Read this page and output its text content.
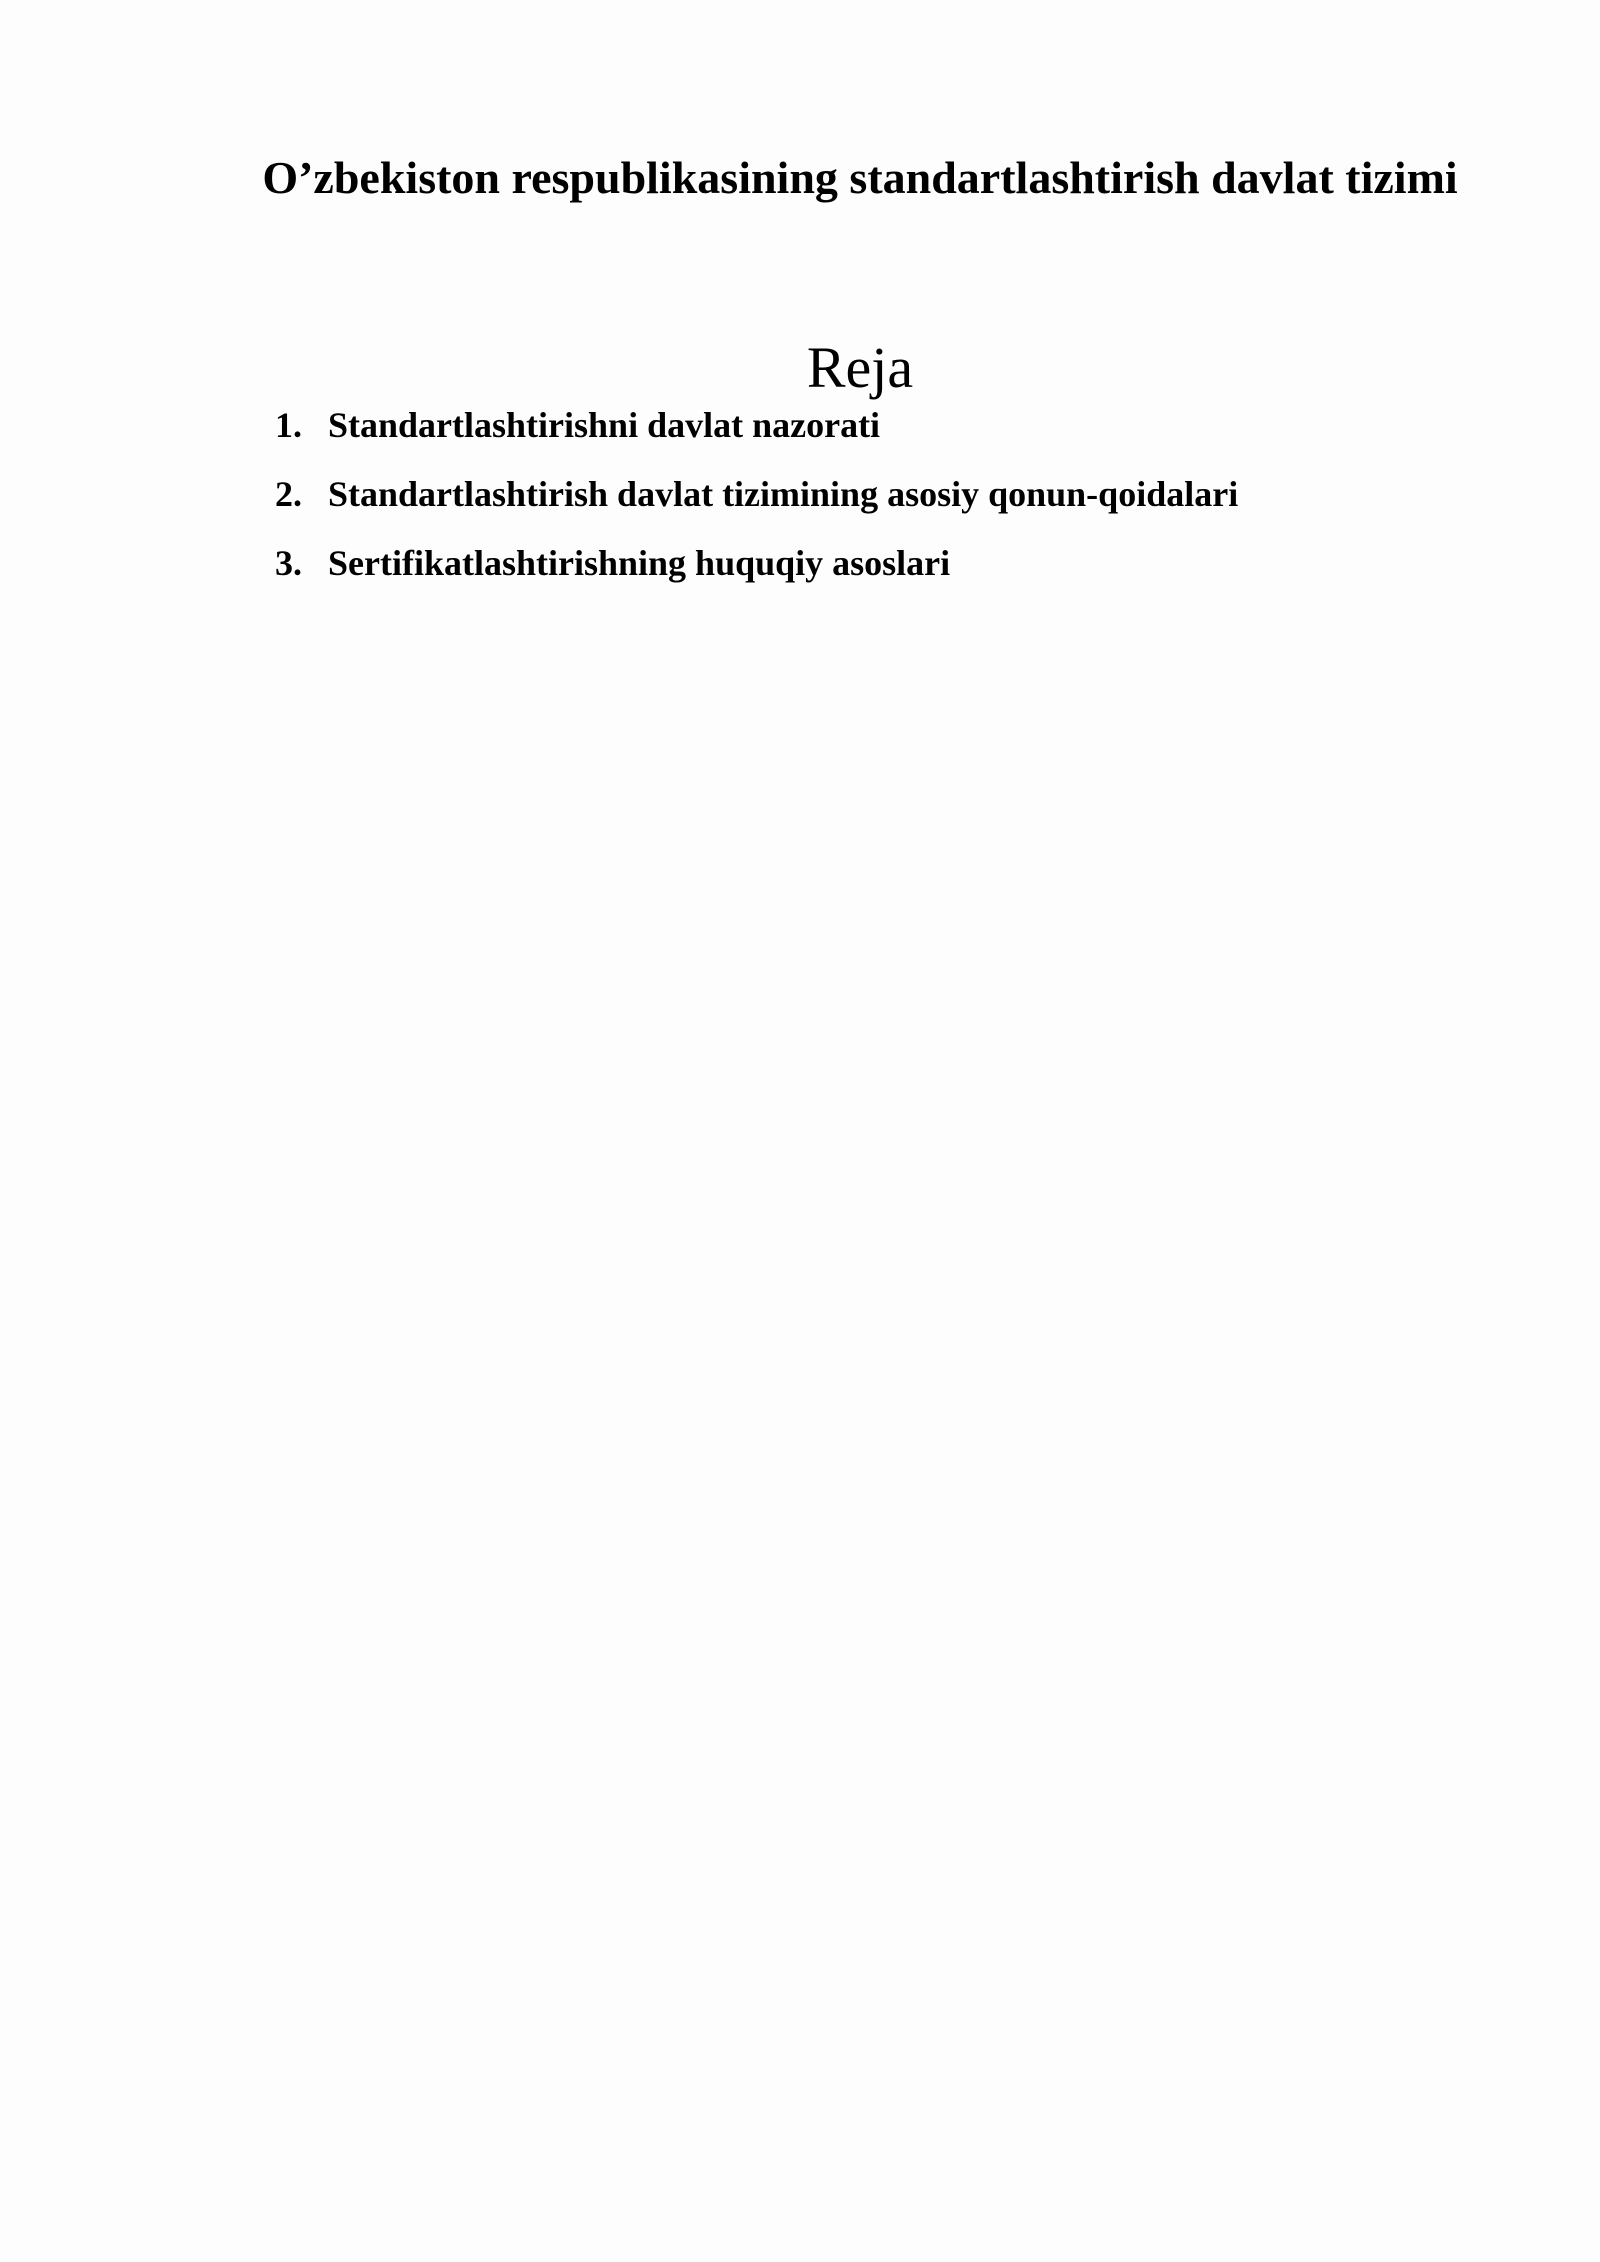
O’zbekiston respublikasining standartlashtirish davlat tizimi
Reja
1. Standartlashtirishni davlat nazorati
2. Standartlashtirish davlat tizimining asosiy qonun-qoidalari
3. Sertifikatlashtirishning huquqiy asoslari
